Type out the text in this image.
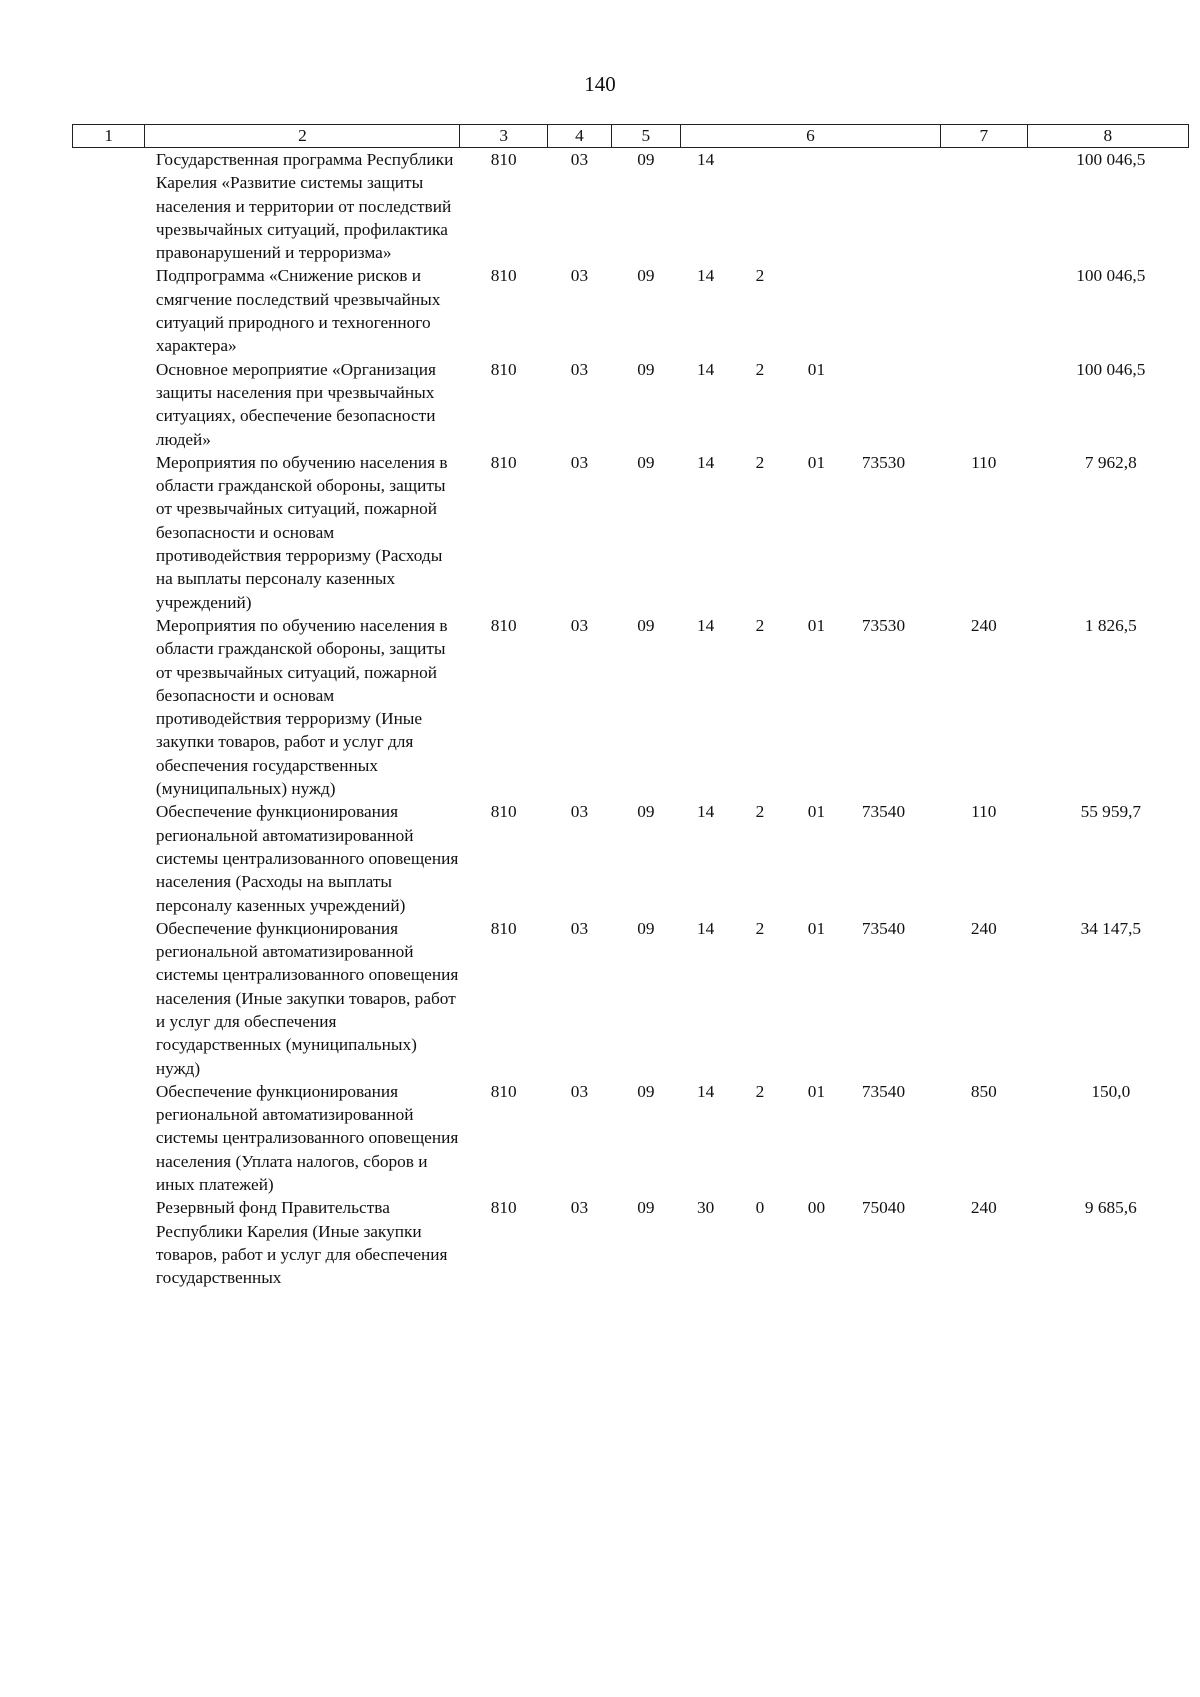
140
1	2	3	4	5	6				7	8
	Государственная программа Республики Карелия «Развитие системы защиты населения и территории от последствий чрезвычайных ситуаций, профилактика правонарушений и терроризма»	810	03	09	14					100 046,5
	Подпрограмма «Снижение рисков и смягчение последствий чрезвычайных ситуаций природного и техногенного характера»	810	03	09	14	2				100 046,5
	Основное мероприятие «Организация защиты населения при чрезвычайных ситуациях, обеспечение безопасности людей»	810	03	09	14	2	01			100 046,5
	Мероприятия по обучению населения в области гражданской обороны, защиты от чрезвычайных ситуаций, пожарной безопасности и основам противодействия терроризму (Расходы на выплаты персоналу казенных учреждений)	810	03	09	14	2	01	73530	110	7 962,8
	Мероприятия по обучению населения в области гражданской обороны, защиты от чрезвычайных ситуаций, пожарной безопасности и основам противодействия терроризму (Иные закупки товаров, работ и услуг для обеспечения государственных (муниципальных) нужд)	810	03	09	14	2	01	73530	240	1 826,5
	Обеспечение функционирования региональной автоматизированной системы централизованного оповещения населения (Расходы на выплаты персоналу казенных учреждений)	810	03	09	14	2	01	73540	110	55 959,7
	Обеспечение функционирования региональной автоматизированной системы централизованного оповещения населения (Иные закупки товаров, работ и услуг для обеспечения государственных (муниципальных) нужд)	810	03	09	14	2	01	73540	240	34 147,5
	Обеспечение функционирования региональной автоматизированной системы централизованного оповещения населения (Уплата налогов, сборов и иных платежей)	810	03	09	14	2	01	73540	850	150,0
	Резервный фонд Правительства Республики Карелия (Иные закупки товаров, работ и услуг для обеспечения государственных	810	03	09	30	0	00	75040	240	9 685,6
